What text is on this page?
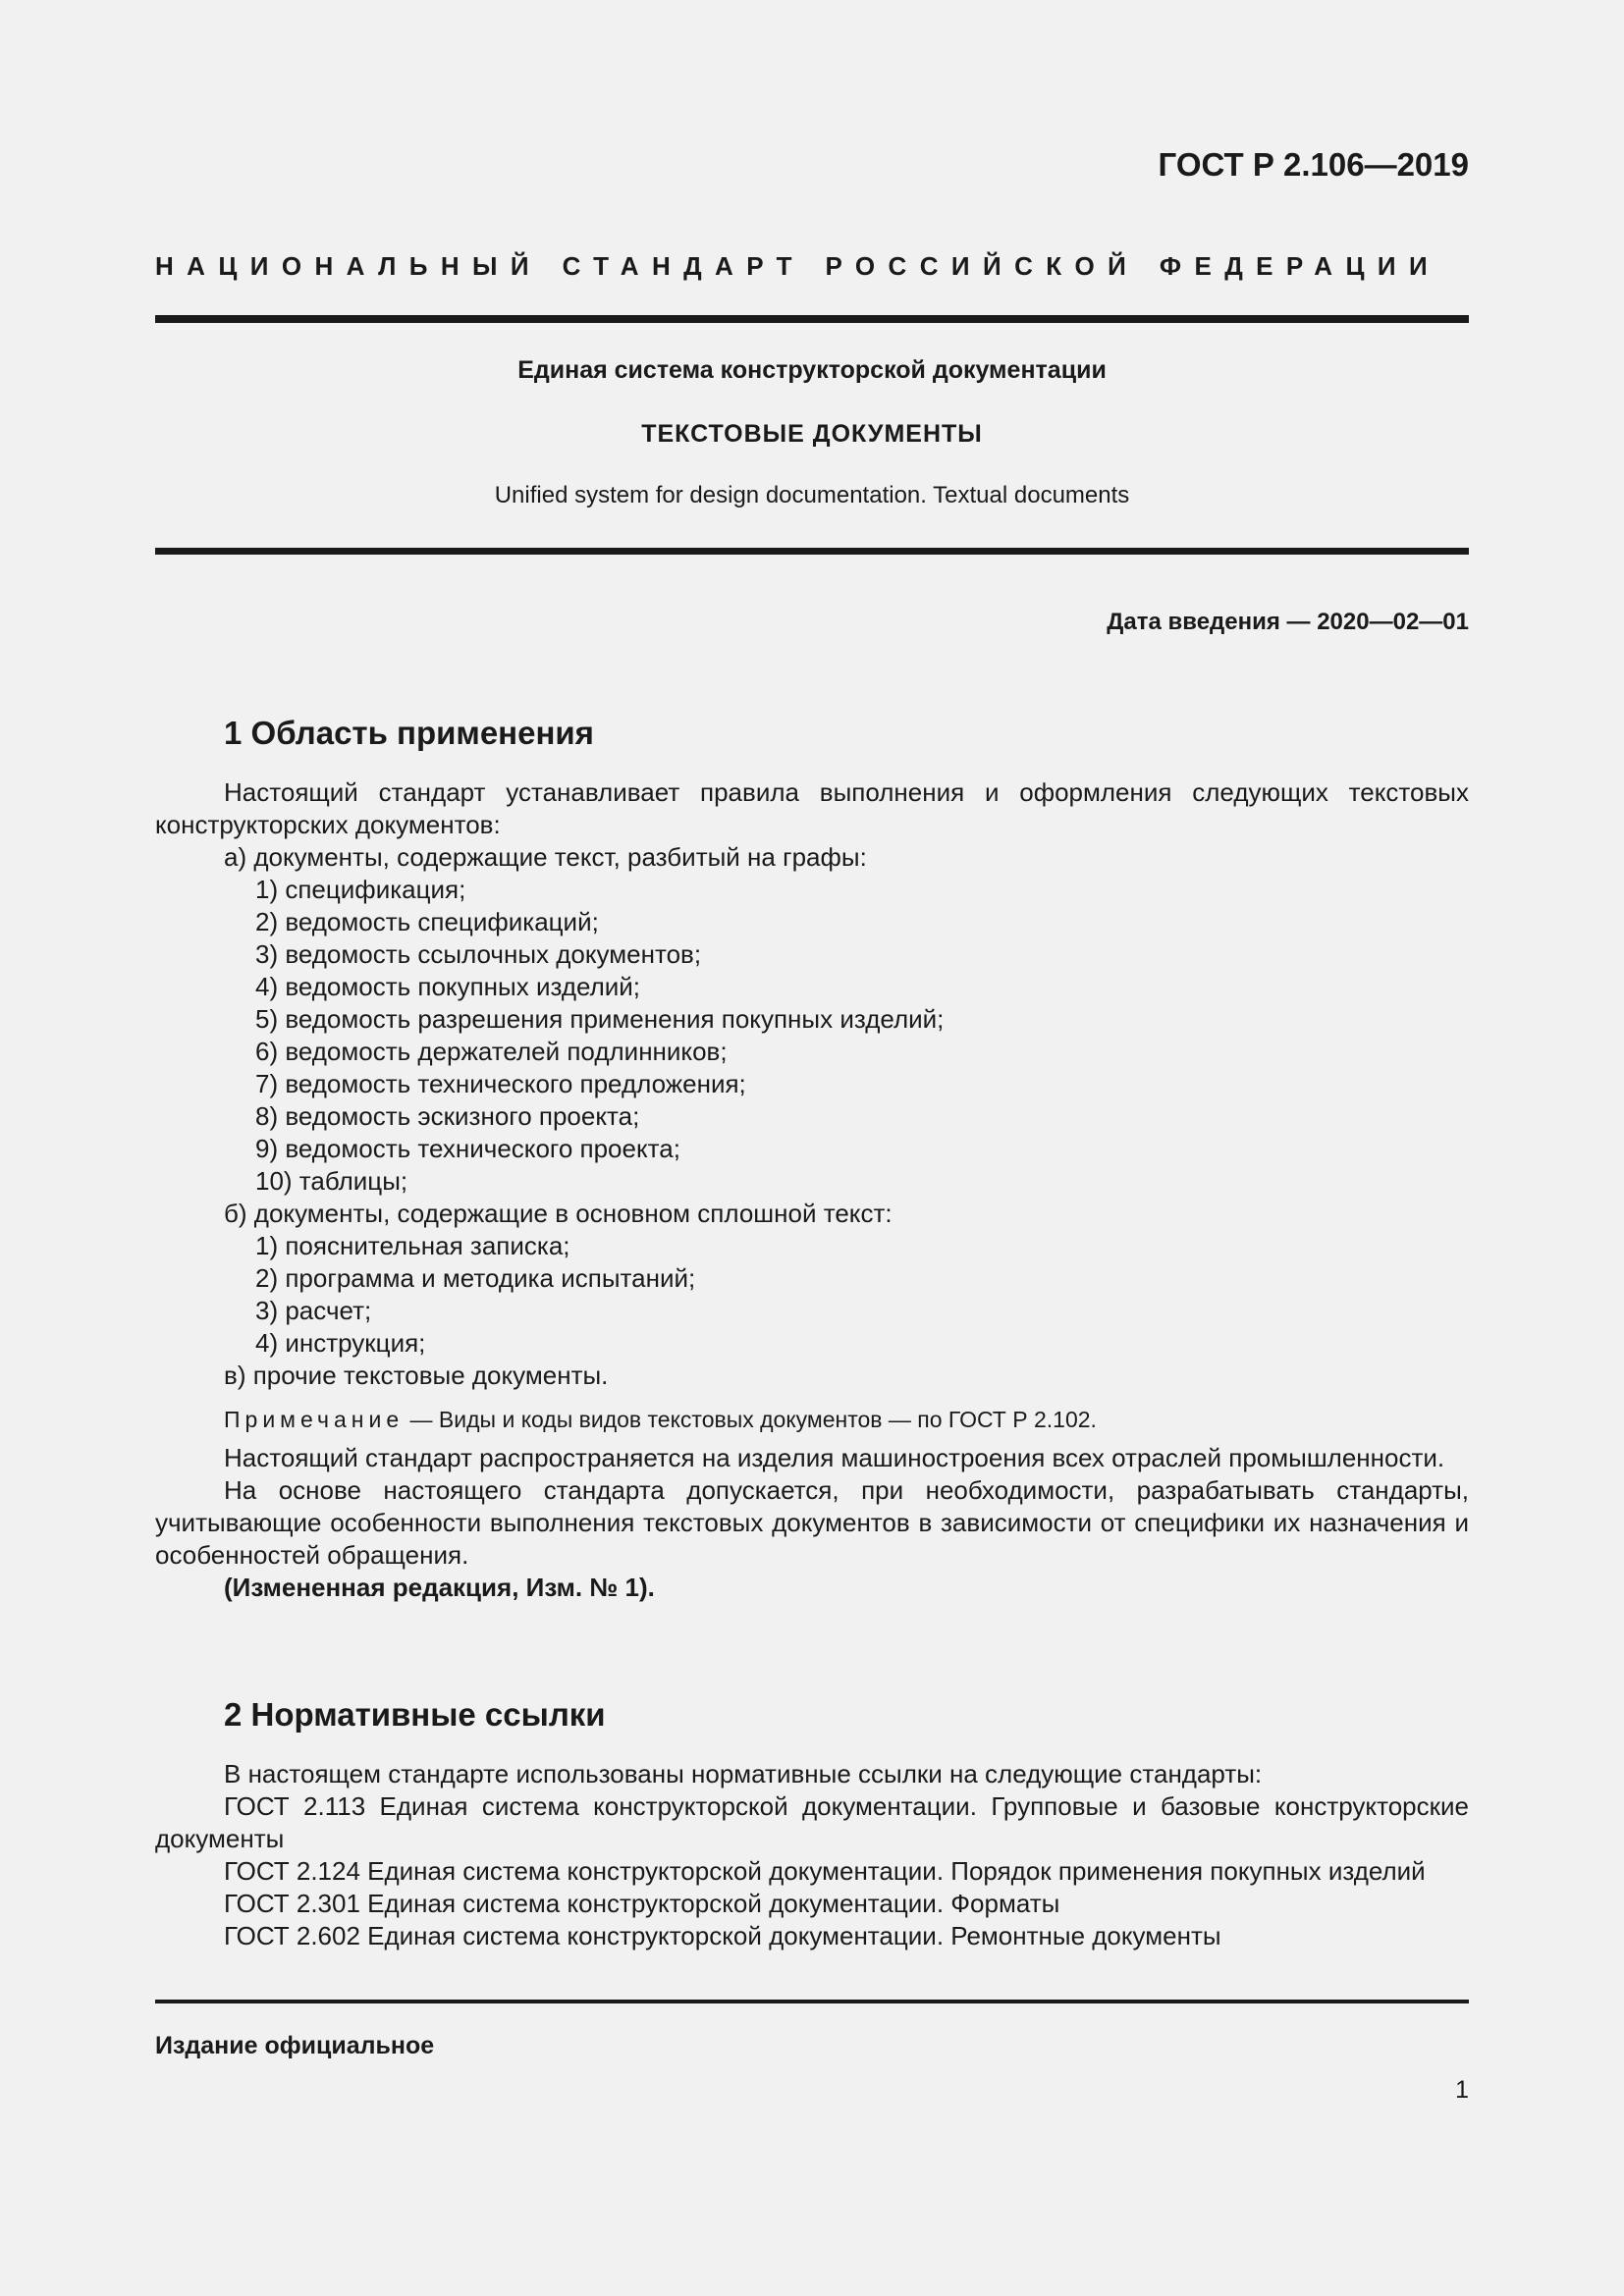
ГОСТ Р 2.106—2019
НАЦИОНАЛЬНЫЙ СТАНДАРТ РОССИЙСКОЙ ФЕДЕРАЦИИ
Единая система конструкторской документации
ТЕКСТОВЫЕ ДОКУМЕНТЫ
Unified system for design documentation. Textual documents
Дата введения — 2020—02—01
1 Область применения

Настоящий стандарт устанавливает правила выполнения и оформления следующих текстовых конструкторских документов:

а) документы, содержащие текст, разбитый на графы:
1) спецификация;
2) ведомость спецификаций;
3) ведомость ссылочных документов;
4) ведомость покупных изделий;
5) ведомость разрешения применения покупных изделий;
6) ведомость держателей подлинников;
7) ведомость технического предложения;
8) ведомость эскизного проекта;
9) ведомость технического проекта;
10) таблицы;
б) документы, содержащие в основном сплошной текст:
1) пояснительная записка;
2) программа и методика испытаний;
3) расчет;
4) инструкция;
в) прочие текстовые документы.
Примечание — Виды и коды видов текстовых документов — по ГОСТ Р 2.102.

Настоящий стандарт распространяется на изделия машиностроения всех отраслей промышленности.

На основе настоящего стандарта допускается, при необходимости, разрабатывать стандарты, учитывающие особенности выполнения текстовых документов в зависимости от специфики их назначения и особенностей обращения.

(Измененная редакция, Изм. № 1).

2 Нормативные ссылки

В настоящем стандарте использованы нормативные ссылки на следующие стандарты:

ГОСТ 2.113 Единая система конструкторской документации. Групповые и базовые конструкторские документы

ГОСТ 2.124 Единая система конструкторской документации. Порядок применения покупных изделий

ГОСТ 2.301 Единая система конструкторской документации. Форматы

ГОСТ 2.602 Единая система конструкторской документации. Ремонтные документы

Издание официальное
1
